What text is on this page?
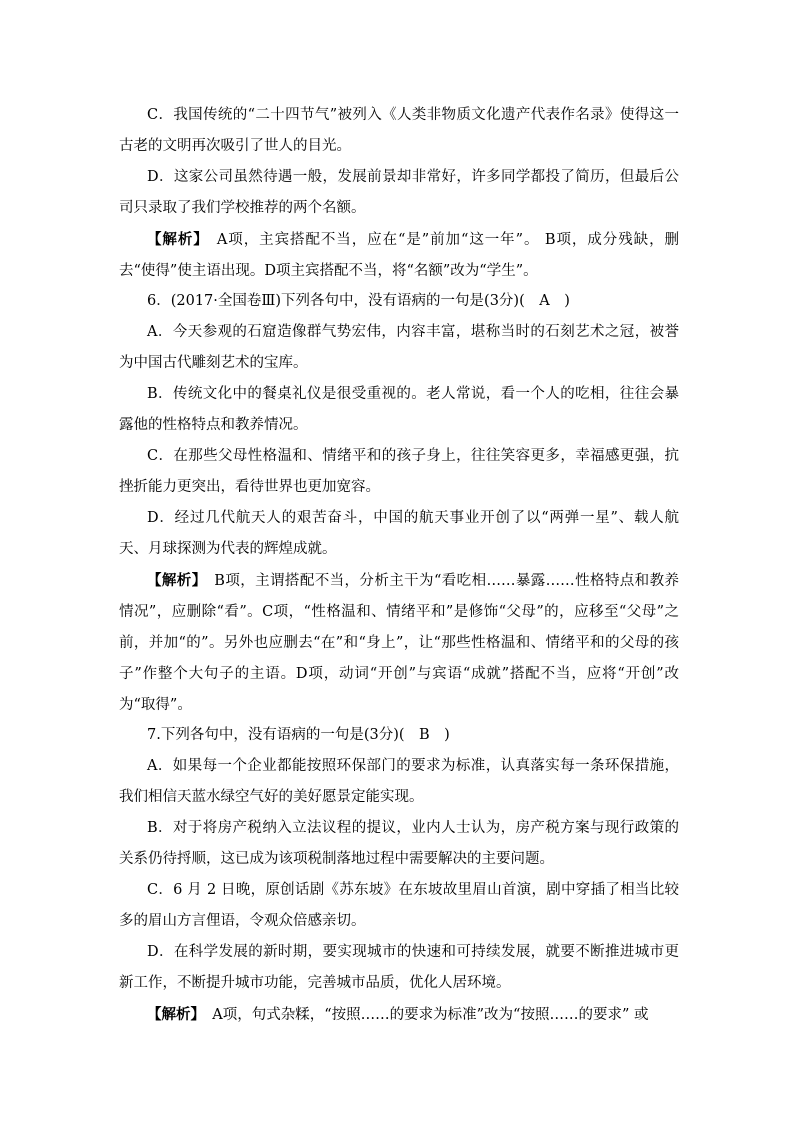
C．我国传统的“二十四节气”被列入《人类非物质文化遗产代表作名录》使得这一古老的文明再次吸引了世人的目光。

D．这家公司虽然待遇一般，发展前景却非常好，许多同学都投了简历，但最后公司只录取了我们学校推荐的两个名额。

【解析】　A项，主宾搭配不当，应在“是”前加“这一年”。 B项，成分残缺，删去“使得”使主语出现。D项主宾搭配不当，将“名额”改为“学生”。

6．(2017·全国卷Ⅲ)下列各句中，没有语病的一句是(3分)(　A　)

A．今天参观的石窟造像群气势宏伟，内容丰富，堪称当时的石刻艺术之冠，被誉为中国古代雕刻艺术的宝库。

B．传统文化中的餐桌礼仪是很受重视的。老人常说，看一个人的吃相，往往会暴露他的性格特点和教养情况。

C．在那些父母性格温和、情绪平和的孩子身上，往往笑容更多，幸福感更强，抗挫折能力更突出，看待世界也更加宽容。

D．经过几代航天人的艰苦奋斗，中国的航天事业开创了以“两弹一星”、载人航天、月球探测为代表的辉煌成就。

【解析】　B项，主谓搭配不当，分析主干为“看吃相……暴露……性格特点和教养情况”，应删除“看”。C项，“性格温和、情绪平和”是修饰“父母”的，应移至“父母”之前，并加“的”。另外也应删去“在”和“身上”，让“那些性格温和、情绪平和的父母的孩子”作整个大句子的主语。D项，动词“开创”与宾语“成就”搭配不当，应将“开创”改为“取得”。

7.下列各句中，没有语病的一句是(3分)(　B　)

A．如果每一个企业都能按照环保部门的要求为标准，认真落实每一条环保措施，我们相信天蓝水绿空气好的美好愿景定能实现。

B．对于将房产税纳入立法议程的提议，业内人士认为，房产税方案与现行政策的关系仍待捋顺，这已成为该项税制落地过程中需要解决的主要问题。

C．6 月 2 日晚，原创话剧《苏东坡》在东坡故里眉山首演，剧中穿插了相当比较多的眉山方言俚语，令观众倍感亲切。

D．在科学发展的新时期，要实现城市的快速和可持续发展，就要不断推进城市更新工作，不断提升城市功能，完善城市品质，优化人居环境。

【解析】　A项，句式杂糅，“按照……的要求为标准”改为“按照……的要求” 或
